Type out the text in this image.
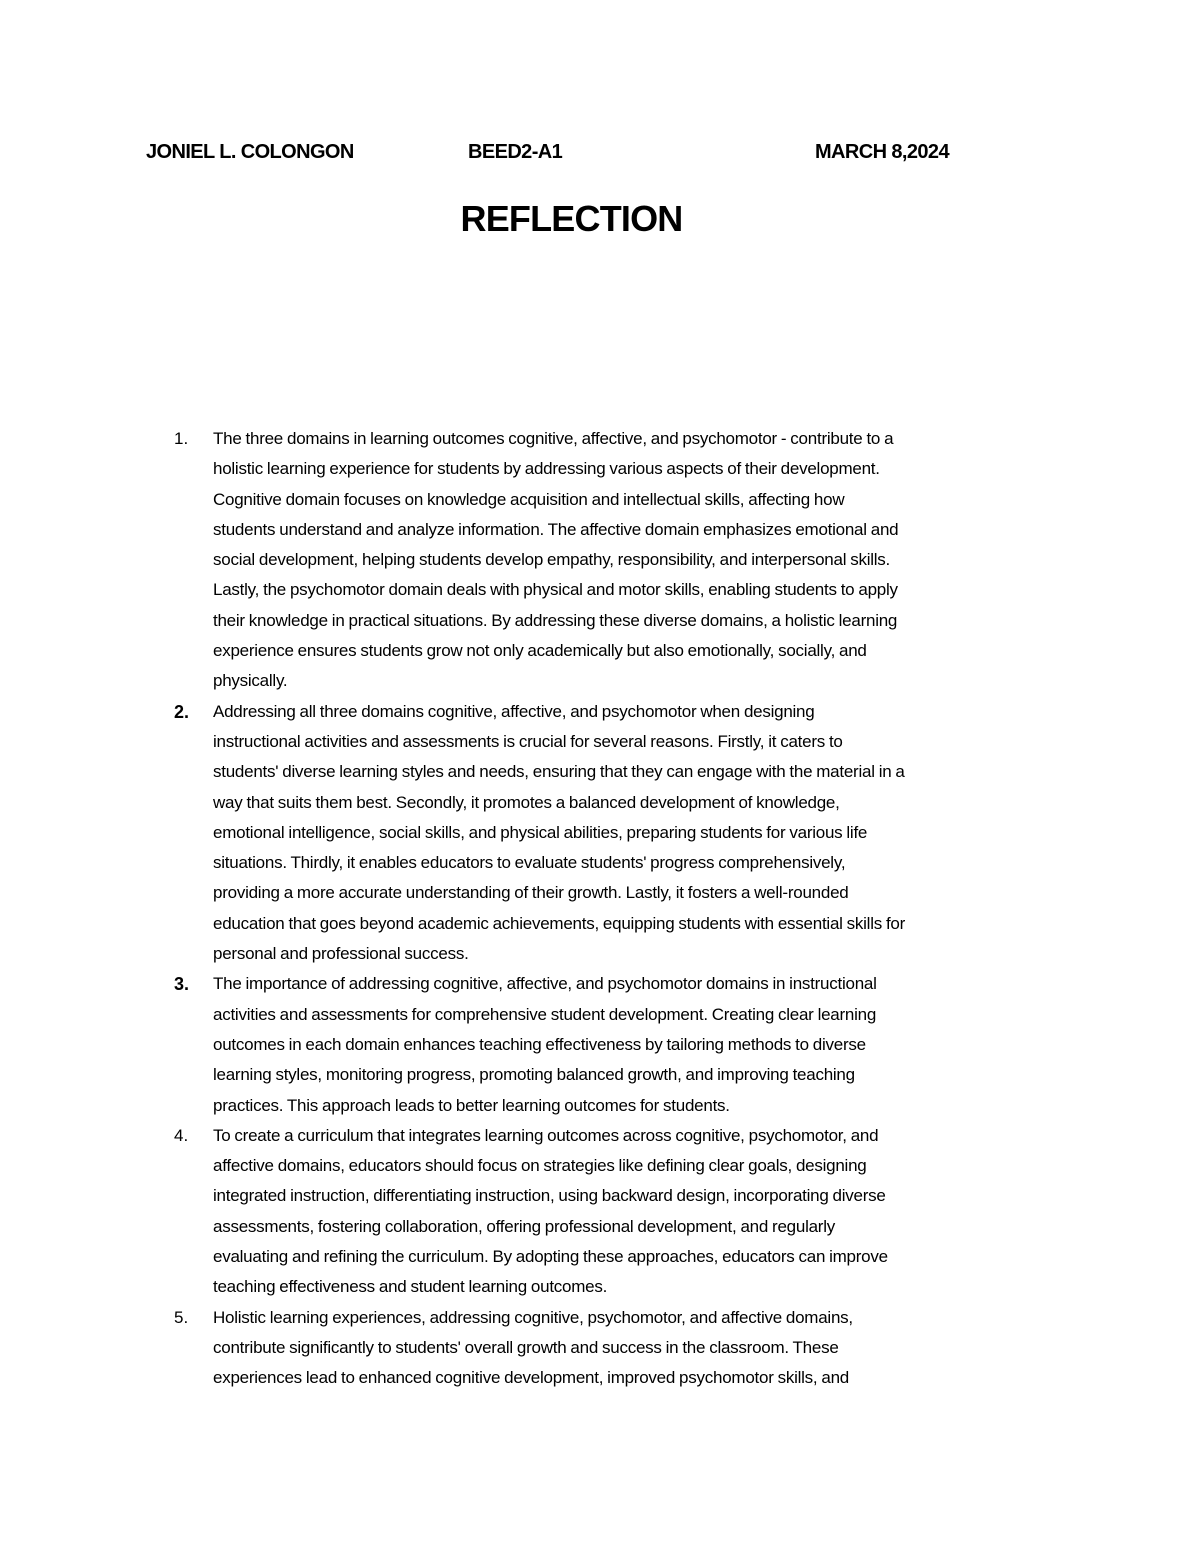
JONIEL L. COLONGON	BEED2-A1	MARCH 8,2024
REFLECTION
1. The three domains in learning outcomes cognitive, affective, and psychomotor - contribute to a
holistic learning experience for students by addressing various aspects of their development.
Cognitive domain focuses on knowledge acquisition and intellectual skills, affecting how
students understand and analyze information. The affective domain emphasizes emotional and
social development, helping students develop empathy, responsibility, and interpersonal skills.
Lastly, the psychomotor domain deals with physical and motor skills, enabling students to apply
their knowledge in practical situations. By addressing these diverse domains, a holistic learning
experience ensures students grow not only academically but also emotionally, socially, and
physically.
2. Addressing all three domains cognitive, affective, and psychomotor when designing
instructional activities and assessments is crucial for several reasons. Firstly, it caters to
students' diverse learning styles and needs, ensuring that they can engage with the material in a
way that suits them best. Secondly, it promotes a balanced development of knowledge,
emotional intelligence, social skills, and physical abilities, preparing students for various life
situations. Thirdly, it enables educators to evaluate students' progress comprehensively,
providing a more accurate understanding of their growth. Lastly, it fosters a well-rounded
education that goes beyond academic achievements, equipping students with essential skills for
personal and professional success.
3. The importance of addressing cognitive, affective, and psychomotor domains in instructional
activities and assessments for comprehensive student development. Creating clear learning
outcomes in each domain enhances teaching effectiveness by tailoring methods to diverse
learning styles, monitoring progress, promoting balanced growth, and improving teaching
practices. This approach leads to better learning outcomes for students.
4. To create a curriculum that integrates learning outcomes across cognitive, psychomotor, and
affective domains, educators should focus on strategies like defining clear goals, designing
integrated instruction, differentiating instruction, using backward design, incorporating diverse
assessments, fostering collaboration, offering professional development, and regularly
evaluating and refining the curriculum. By adopting these approaches, educators can improve
teaching effectiveness and student learning outcomes.
5. Holistic learning experiences, addressing cognitive, psychomotor, and affective domains,
contribute significantly to students' overall growth and success in the classroom. These
experiences lead to enhanced cognitive development, improved psychomotor skills, and
